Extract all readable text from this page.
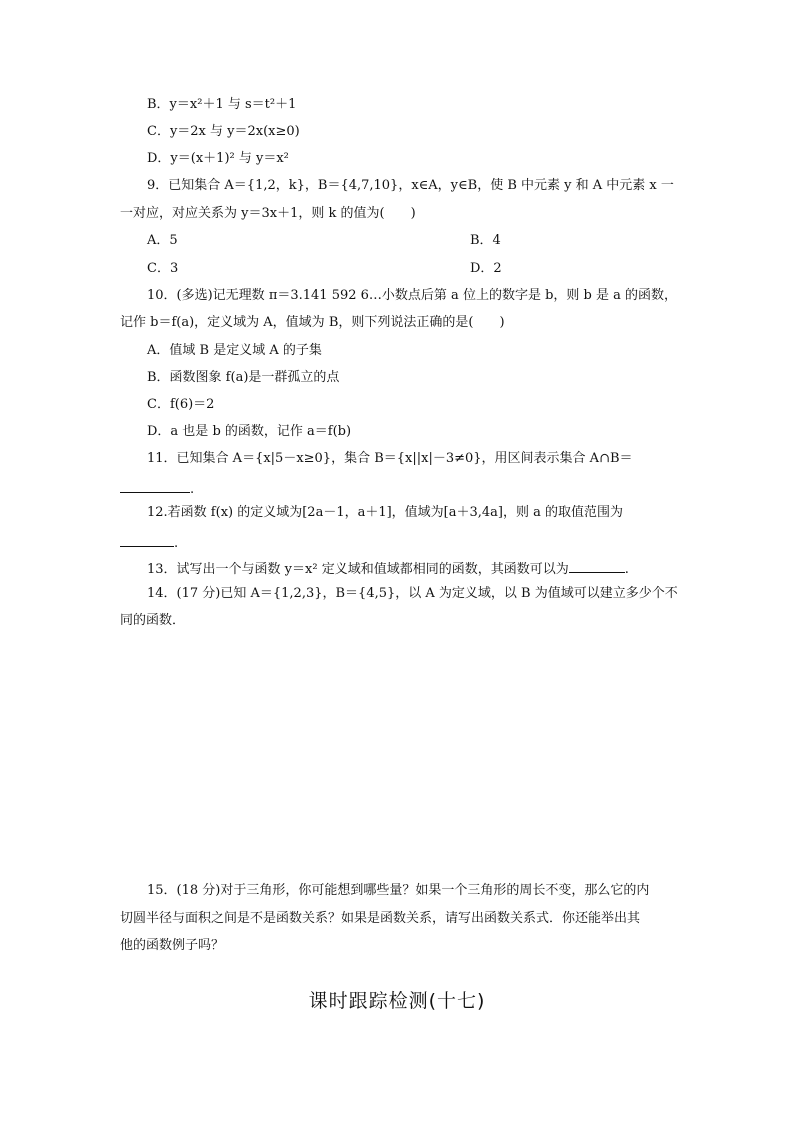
B．y＝x²＋1 与 s＝t²＋1
C．y＝2x 与 y＝2x(x≥0)
D．y＝(x＋1)² 与 y＝x²
9．已知集合 A＝{1,2，k}，B＝{4,7,10}，x∈A，y∈B，使 B 中元素 y 和 A 中元素 x 一
一对应，对应关系为 y＝3x＋1，则 k 的值为(　　)
A．5	B．4
C．3	D．2
10．(多选)记无理数 π＝3.141 592 6…小数点后第 a 位上的数字是 b，则 b 是 a 的函数，
记作 b＝f(a)，定义域为 A，值域为 B，则下列说法正确的是(　　)
A．值域 B 是定义域 A 的子集
B．函数图象 f(a)是一群孤立的点
C．f(6)＝2
D．a 也是 b 的函数，记作 a＝f(b)
11．已知集合 A＝{x|5－x≥0}，集合 B＝{x||x|－3≠0}，用区间表示集合 A∩B＝
.
12.若函数 f(x) 的定义域为[2a－1，a＋1]，值域为[a＋3,4a]，则 a 的取值范围为
.
13．试写出一个与函数 y＝x² 定义域和值域都相同的函数，其函数可以为	.
14．(17 分)已知 A＝{1,2,3}，B＝{4,5}，以 A 为定义域，以 B 为值域可以建立多少个不
同的函数．
15．(18 分)对于三角形，你可能想到哪些量？如果一个三角形的周长不变，那么它的内
切圆半径与面积之间是不是函数关系？如果是函数关系，请写出函数关系式．你还能举出其
他的函数例子吗？
课时跟踪检测(十七)
